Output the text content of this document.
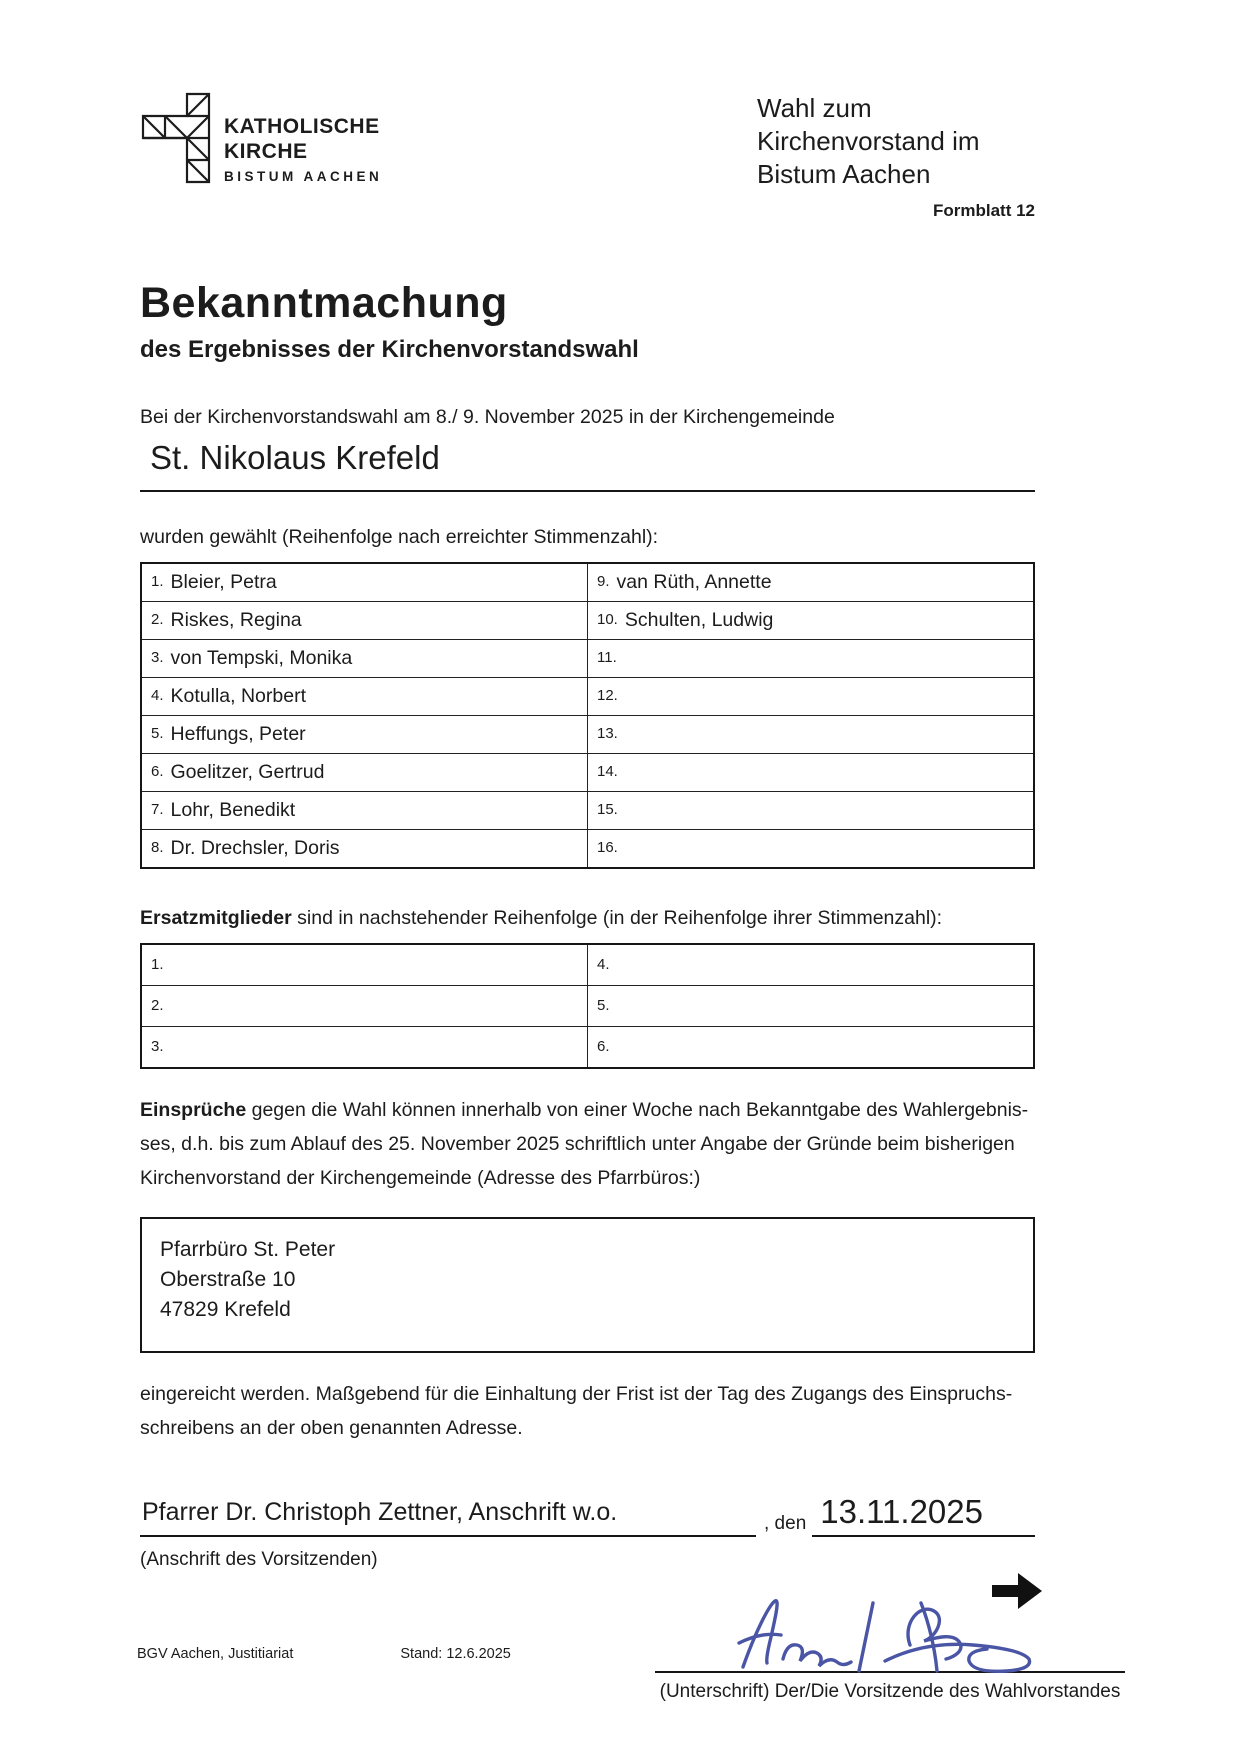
KATHOLISCHE
KIRCHE
BISTUM AACHEN
Wahl zum
Kirchenvorstand im
Bistum Aachen
Formblatt 12
Bekanntmachung
des Ergebnisses der Kirchenvorstandswahl
Bei der Kirchenvorstandswahl am 8./ 9. November 2025 in der Kirchengemeinde
St. Nikolaus Krefeld
wurden gewählt (Reihenfolge nach erreichter Stimmenzahl):
1. Bleier, Petra	9. van Rüth, Annette
2. Riskes, Regina	10. Schulten, Ludwig
3. von Tempski, Monika	11.
4. Kotulla, Norbert	12.
5. Heffungs, Peter	13.
6. Goelitzer, Gertrud	14.
7. Lohr, Benedikt	15.
8. Dr. Drechsler, Doris	16.
Ersatzmitglieder sind in nachstehender Reihenfolge (in der Reihenfolge ihrer Stimmenzahl):
1.	4.
2.	5.
3.	6.
Einsprüche gegen die Wahl können innerhalb von einer Woche nach Bekanntgabe des Wahlergebnis-
ses, d.h. bis zum Ablauf des 25. November 2025 schriftlich unter Angabe der Gründe beim bisherigen
Kirchenvorstand der Kirchengemeinde (Adresse des Pfarrbüros:)
Pfarrbüro St. Peter
Oberstraße 10
47829 Krefeld
eingereicht werden. Maßgebend für die Einhaltung der Frist ist der Tag des Zugangs des Einspruchs-
schreibens an der oben genannten Adresse.
Pfarrer Dr. Christoph Zettner, Anschrift w.o.	, den 13.11.2025
(Anschrift des Vorsitzenden)
(Unterschrift) Der/Die Vorsitzende des Wahlvorstandes
BGV Aachen, Justitiariat	Stand: 12.6.2025
